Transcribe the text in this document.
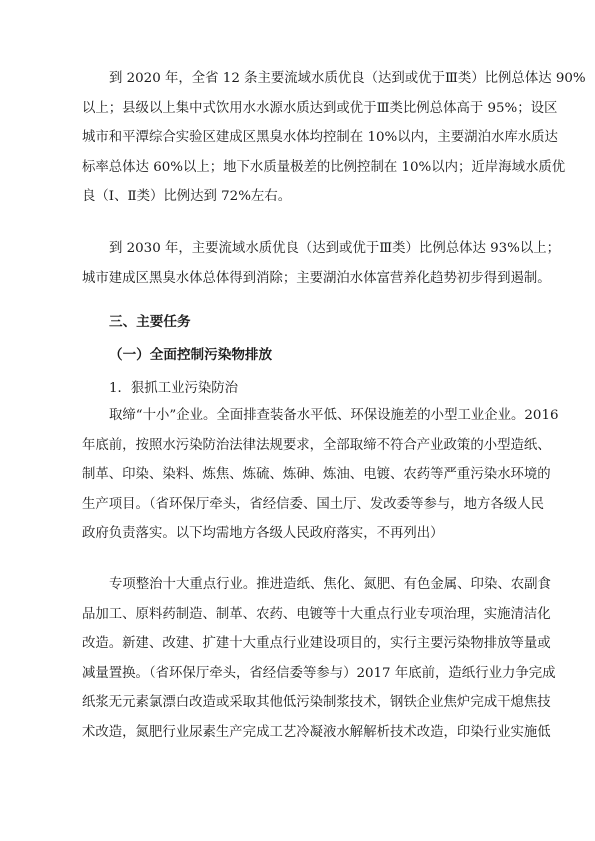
到 2020 年，全省 12 条主要流域水质优良（达到或优于Ⅲ类）比例总体达 90%
以上；县级以上集中式饮用水水源水质达到或优于Ⅲ类比例总体高于 95%；设区
城市和平潭综合实验区建成区黑臭水体均控制在 10%以内，主要湖泊水库水质达
标率总体达 60%以上；地下水质量极差的比例控制在 10%以内；近岸海域水质优
良（Ⅰ、Ⅱ类）比例达到 72%左右。
到 2030 年，主要流域水质优良（达到或优于Ⅲ类）比例总体达 93%以上；
城市建成区黑臭水体总体得到消除；主要湖泊水体富营养化趋势初步得到遏制。
三、主要任务
（一）全面控制污染物排放
1．狠抓工业污染防治
取缔“十小”企业。全面排查装备水平低、环保设施差的小型工业企业。2016
年底前，按照水污染防治法律法规要求，全部取缔不符合产业政策的小型造纸、
制革、印染、染料、炼焦、炼硫、炼砷、炼油、电镀、农药等严重污染水环境的
生产项目。（省环保厅牵头，省经信委、国土厅、发改委等参与，地方各级人民
政府负责落实。以下均需地方各级人民政府落实，不再列出）
专项整治十大重点行业。推进造纸、焦化、氮肥、有色金属、印染、农副食
品加工、原料药制造、制革、农药、电镀等十大重点行业专项治理，实施清洁化
改造。新建、改建、扩建十大重点行业建设项目的，实行主要污染物排放等量或
减量置换。（省环保厅牵头，省经信委等参与）2017 年底前，造纸行业力争完成
纸浆无元素氯漂白改造或采取其他低污染制浆技术，钢铁企业焦炉完成干熄焦技
术改造，氮肥行业尿素生产完成工艺冷凝液水解解析技术改造，印染行业实施低
